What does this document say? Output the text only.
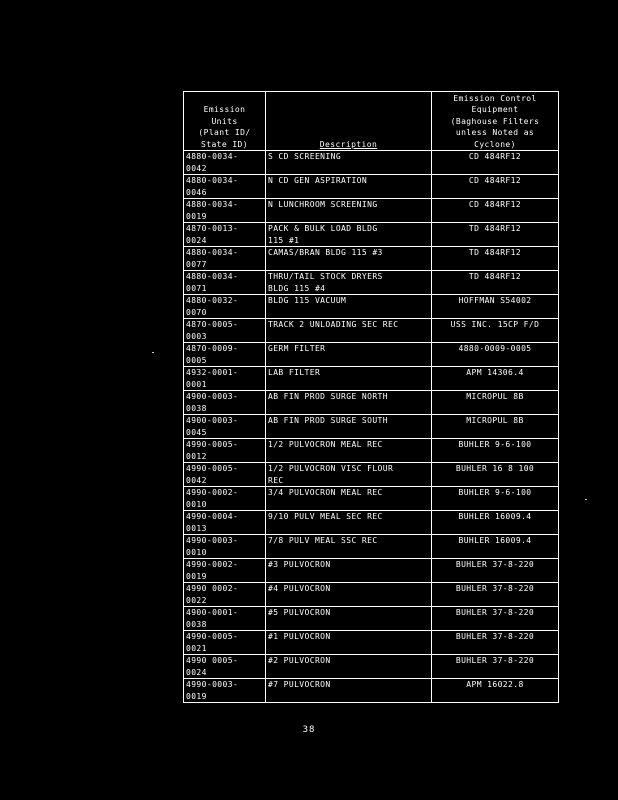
Emission
Units
(Plant ID/
State ID)	Description	Emission Control
Equipment
(Baghouse Filters
unless Noted as
Cyclone)
4880-0034-
0042	S CD SCREENING	CD 484RF12
4880-0034-
0046	N CD GEN ASPIRATION	CD 484RF12
4880-0034-
0019	N LUNCHROOM SCREENING	CD 484RF12
4870-0013-
0024	PACK & BULK LOAD BLDG
115 #1	TD 484RF12
4880-0034-
0077	CAMAS/BRAN BLDG 115 #3	TD 484RF12
4880-0034-
0071	THRU/TAIL STOCK DRYERS
BLDG 115 #4	TD 484RF12
4880-0032-
0070	BLDG 115 VACUUM	HOFFMAN S54002
4870-0005-
0003	TRACK 2 UNLOADING SEC REC	USS INC. 15CP F/D
4870-0009-
0005	GERM FILTER	4880-0009-0005
4932-0001-
0001	LAB FILTER	APM 14306.4
4900-0003-
0038	AB FIN PROD SURGE NORTH	MICROPUL 8B
4900-0003-
0045	AB FIN PROD SURGE SOUTH	MICROPUL 8B
4990-0005-
0012	1/2 PULVOCRON MEAL REC	BUHLER 9-6-100
4990-0005-
0042	1/2 PULVOCRON VISC FLOUR
REC	BUHLER 16 8 100
4990-0002-
0010	3/4 PULVOCRON MEAL REC	BUHLER 9-6-100
4990-0004-
0013	9/10 PULV MEAL SEC REC	BUHLER 16009.4
4990-0003-
0010	7/8 PULV MEAL SSC REC	BUHLER 16009.4
4990-0002-
0019	#3 PULVOCRON	BUHLER 37-8-220
4990 0002-
0022	#4 PULVOCRON	BUHLER 37-8-220
4900-0001-
0038	#5 PULVOCRON	BUHLER 37-8-220
4990-0005-
0021	#1 PULVOCRON	BUHLER 37-8-220
4990 0005-
0024	#2 PULVOCRON	BUHLER 37-8-220
4990-0003-
0019	#7 PULVOCRON	APM 16022.8
38
